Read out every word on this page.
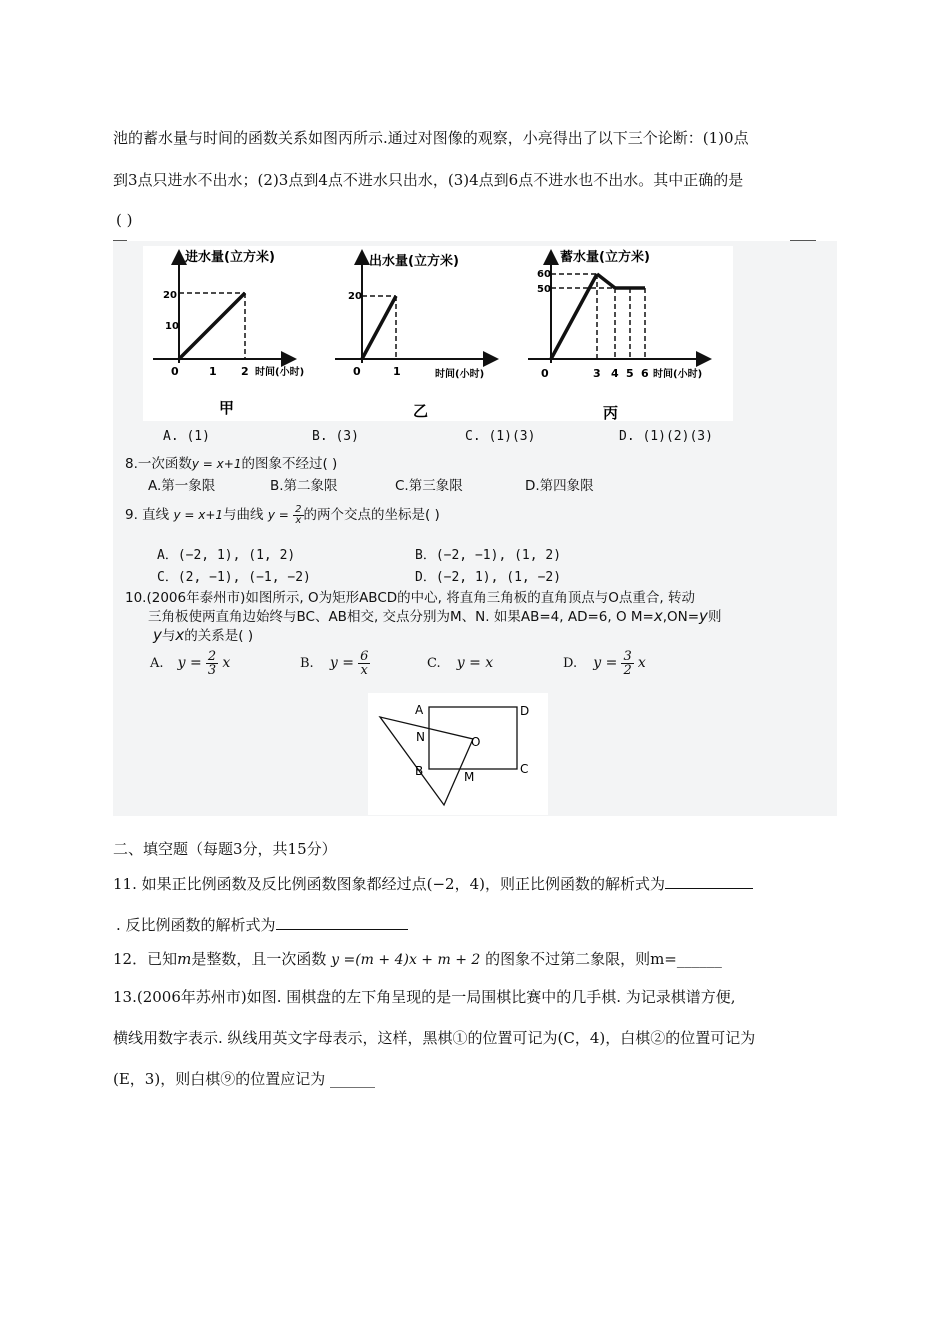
池的蓄水量与时间的函数关系如图丙所示.通过对图像的观察，小亮得出了以下三个论断：(1)0点
到3点只进水不出水；(2)3点到4点不进水只出水，(3)4点到6点不进水也不出水。其中正确的是
( )
进水量(立方米)
20
10
0	1 2 时间(小时)
甲
出水量(立方米)
20
0	1	时间(小时)
乙
蓄水量(立方米)
60
50
0	3 4 5 6 时间(小时)
丙
A. (1)	B. (3)	C. (1)(3)	D. (1)(2)(3)
8.一次函数y = x+1的图象不经过( )
A.第一象限	B.第二象限	C.第三象限	D.第四象限
9. 直线 y = x+1与曲线 $y = \frac{2}{x}$ 的两个交点的坐标是( )
A．(−2, 1), (1, 2)	B．(−2, −1), (1, 2)
C．(2, −1), (−1, −2)	D．(−2, 1), (1, −2)
10.(2006年泰州市)如图所示, O为矩形ABCD的中心, 将直角三角板的直角顶点与O点重合, 转动
三角板使两直角边始终与BC、AB相交, 交点分别为M、N. 如果AB=4, AD=6, O M=x,ON=y则
y与x的关系是( )
A. $y = \frac{2}{3}$ x	B. $y = \frac{6}{x}$	C. y = x	D. $y = \frac{3}{2}$ x
A	D
N	O
B	C
M
二、填空题（每题3分，共15分）
11. 如果正比例函数及反比例函数图象都经过点(−2，4)，则正比例函数的解析式为
. 反比例函数的解析式为
12．已知m是整数，且一次函数 y =(m + 4)x + m + 2 的图象不过第二象限，则m=______
13.(2006年苏州市)如图. 围棋盘的左下角呈现的是一局围棋比赛中的几手棋. 为记录棋谱方便,
横线用数字表示. 纵线用英文字母表示，这样，黑棋①的位置可记为(C，4)，白棋②的位置可记为
(E，3)，则白棋⑨的位置应记为 ______
